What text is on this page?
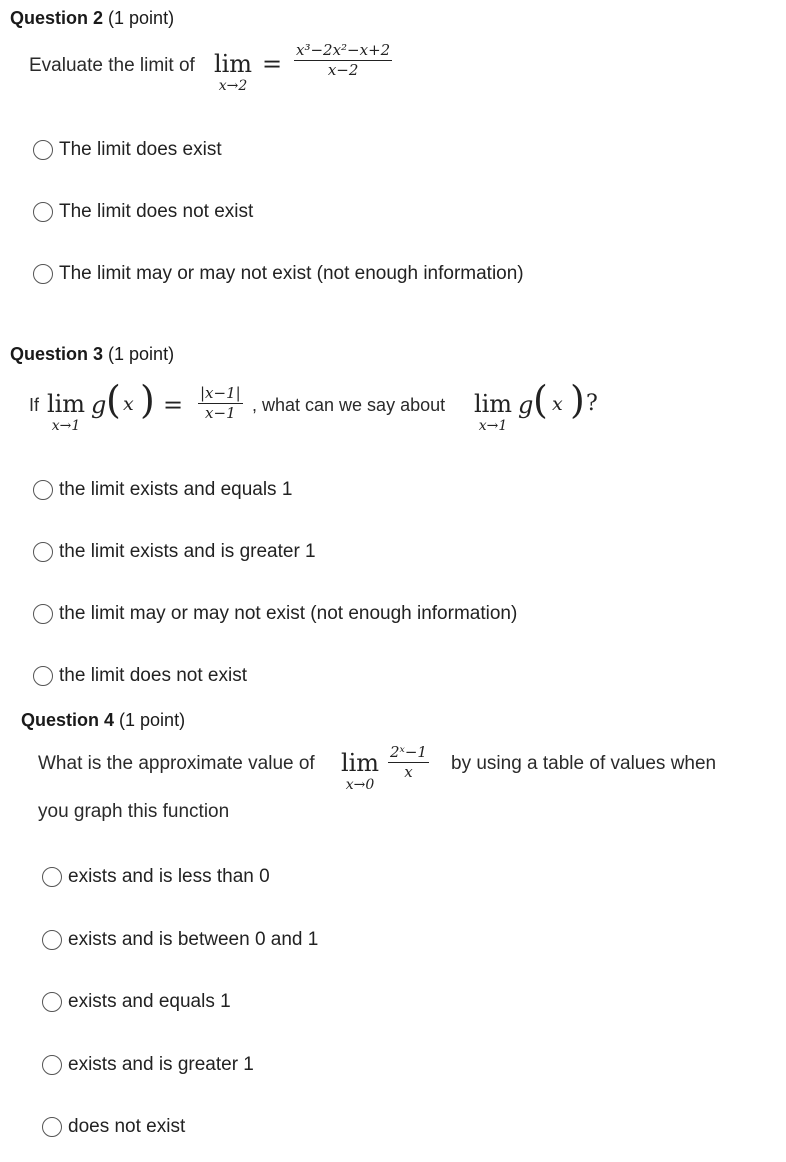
Question 2 (1 point)
Evaluate the limit of lim
x→2
= $\frac{\text{x³−2x²−x+2}}{x-2}$
The limit does exist
The limit does not exist
The limit may or may not exist (not enough information)
Question 3 (1 point)
If lim
x→1
g ( x ) = $\frac{|x-1|}{x-1}$ , what can we say about lim
x→1
g ( x ) ?
the limit exists and equals 1
the limit exists and is greater 1
the limit may or may not exist (not enough information)
the limit does not exist
Question 4 (1 point)
What is the approximate value of lim
x→0
$\frac{\text{2ˣ−1}}{x}$ by using a table of values when
you graph this function
exists and is less than 0
exists and is between 0 and 1
exists and equals 1
exists and is greater 1
does not exist
